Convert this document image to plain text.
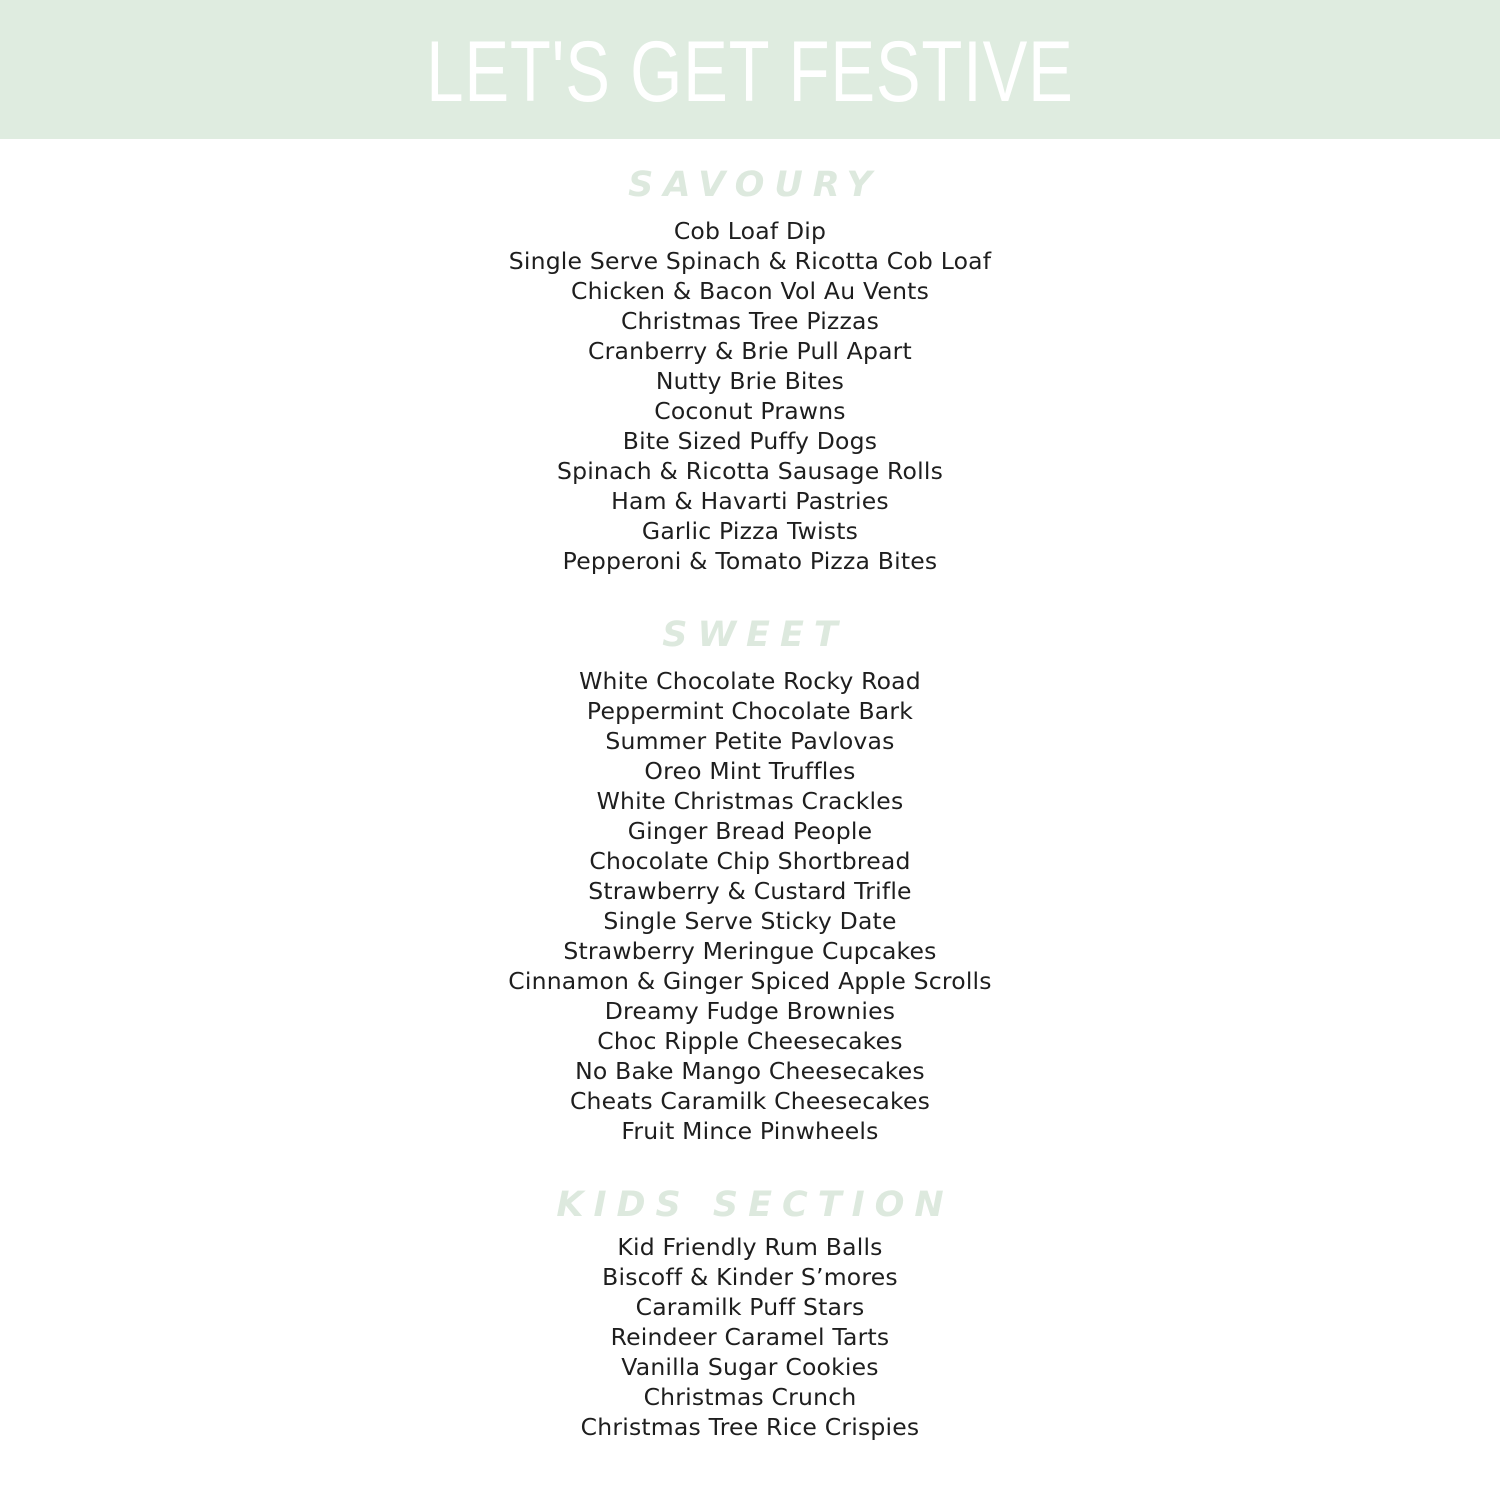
LET'S GET FESTIVE
SAVOURY
Cob Loaf Dip
Single Serve Spinach & Ricotta Cob Loaf
Chicken & Bacon Vol Au Vents
Christmas Tree Pizzas
Cranberry & Brie Pull Apart
Nutty Brie Bites
Coconut Prawns
Bite Sized Puffy Dogs
Spinach & Ricotta Sausage Rolls
Ham & Havarti Pastries
Garlic Pizza Twists
Pepperoni & Tomato Pizza Bites
SWEET
White Chocolate Rocky Road
Peppermint Chocolate Bark
Summer Petite Pavlovas
Oreo Mint Truffles
White Christmas Crackles
Ginger Bread People
Chocolate Chip Shortbread
Strawberry & Custard Trifle
Single Serve Sticky Date
Strawberry Meringue Cupcakes
Cinnamon & Ginger Spiced Apple Scrolls
Dreamy Fudge Brownies
Choc Ripple Cheesecakes
No Bake Mango Cheesecakes
Cheats Caramilk Cheesecakes
Fruit Mince Pinwheels
KIDS SECTION
Kid Friendly Rum Balls
Biscoff & Kinder S’mores
Caramilk Puff Stars
Reindeer Caramel Tarts
Vanilla Sugar Cookies
Christmas Crunch
Christmas Tree Rice Crispies
